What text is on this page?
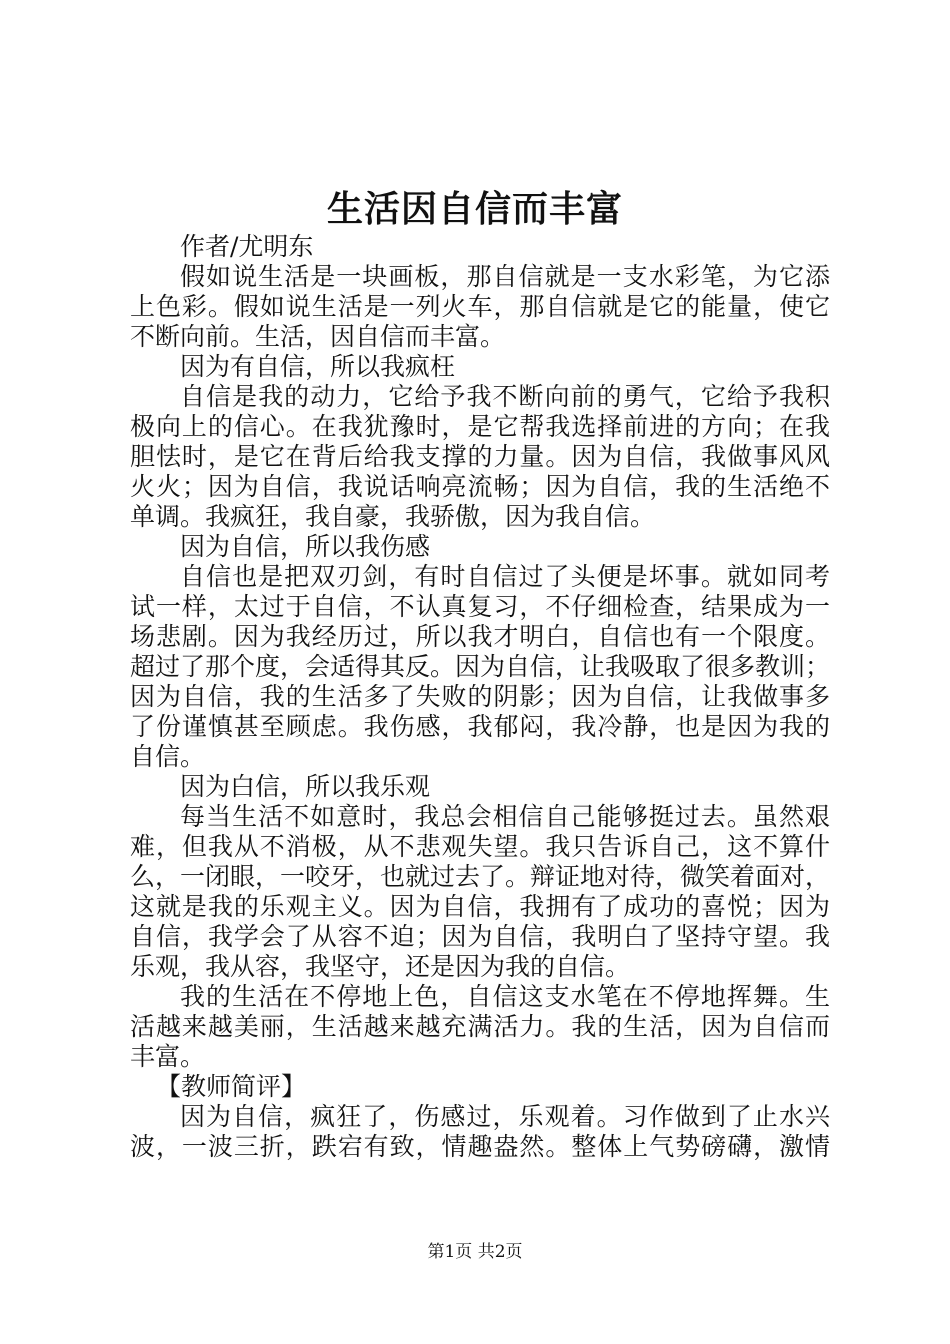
生活因自信而丰富
作者/尤明东
假如说生活是一块画板，那自信就是一支水彩笔，为它添
上色彩。假如说生活是一列火车，那自信就是它的能量，使它
不断向前。生活，因自信而丰富。
因为有自信，所以我疯枉
自信是我的动力，它给予我不断向前的勇气，它给予我积
极向上的信心。在我犹豫时，是它帮我选择前进的方向；在我
胆怯时，是它在背后给我支撑的力量。因为自信，我做事风风
火火；因为自信，我说话响亮流畅；因为自信，我的生活绝不
单调。我疯狂，我自豪，我骄傲，因为我自信。
因为自信，所以我伤感
自信也是把双刃剑，有时自信过了头便是坏事。就如同考
试一样，太过于自信，不认真复习，不仔细检查，结果成为一
场悲剧。因为我经历过，所以我才明白，自信也有一个限度。
超过了那个度，会适得其反。因为自信，让我吸取了很多教训；
因为自信，我的生活多了失败的阴影；因为自信，让我做事多
了份谨慎甚至顾虑。我伤感，我郁闷，我冷静，也是因为我的
自信。
因为白信，所以我乐观
每当生活不如意时，我总会相信自己能够挺过去。虽然艰
难，但我从不消极，从不悲观失望。我只告诉自己，这不算什
么，一闭眼，一咬牙，也就过去了。辩证地对待，微笑着面对，
这就是我的乐观主义。因为自信，我拥有了成功的喜悦；因为
自信，我学会了从容不迫；因为自信，我明白了坚持守望。我
乐观，我从容，我坚守，还是因为我的自信。
我的生活在不停地上色，自信这支水笔在不停地挥舞。生
活越来越美丽，生活越来越充满活力。我的生活，因为自信而
丰富。
【教师简评】
因为自信，疯狂了，伤感过，乐观着。习作做到了止水兴
波，一波三折，跌宕有致，情趣盎然。整体上气势磅礴，激情
第1页 共2页
